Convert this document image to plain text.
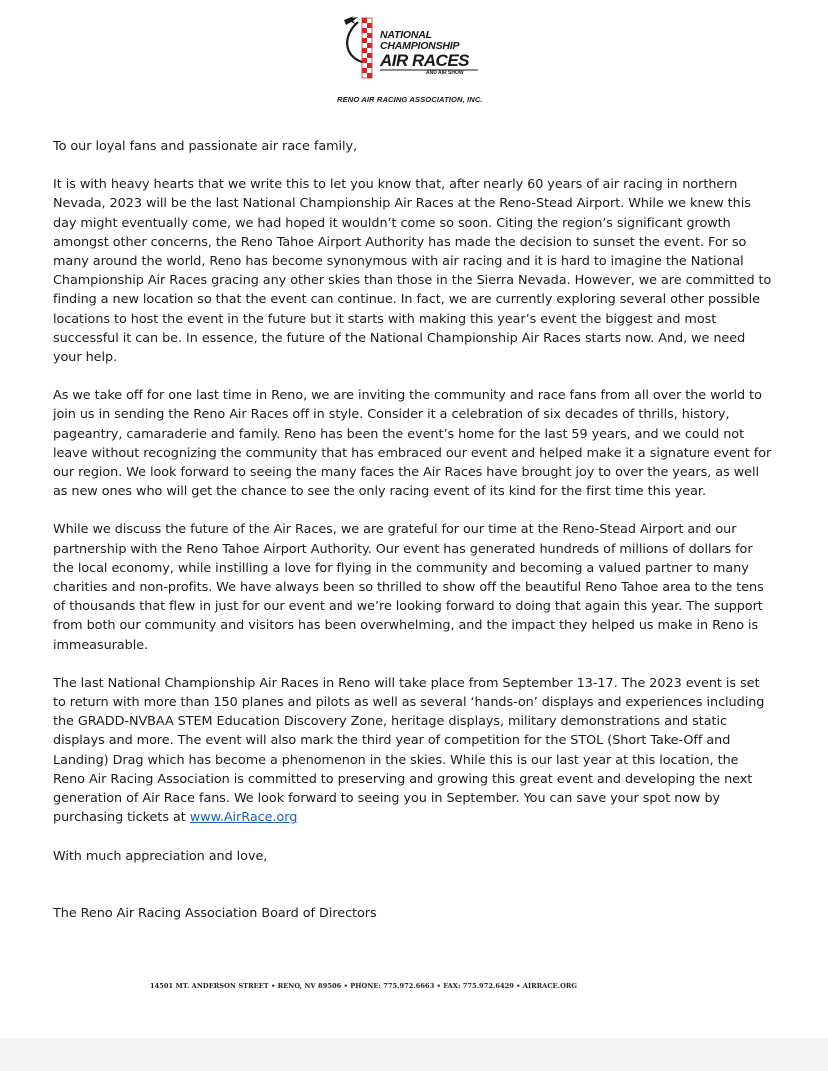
NATIONAL
CHAMPIONSHIP
AIR RACES
AND AIR SHOW
RENO AIR RACING ASSOCIATION, INC.

To our loyal fans and passionate air race family,

It is with heavy hearts that we write this to let you know that, after nearly 60 years of air racing in northern Nevada, 2023 will be the last National Championship Air Races at the Reno-Stead Airport. While we knew this day might eventually come, we had hoped it wouldn’t come so soon. Citing the region’s significant growth amongst other concerns, the Reno Tahoe Airport Authority has made the decision to sunset the event. For so many around the world, Reno has become synonymous with air racing and it is hard to imagine the National Championship Air Races gracing any other skies than those in the Sierra Nevada. However, we are committed to finding a new location so that the event can continue. In fact, we are currently exploring several other possible locations to host the event in the future but it starts with making this year’s event the biggest and most successful it can be. In essence, the future of the National Championship Air Races starts now. And, we need your help.

As we take off for one last time in Reno, we are inviting the community and race fans from all over the world to join us in sending the Reno Air Races off in style. Consider it a celebration of six decades of thrills, history, pageantry, camaraderie and family. Reno has been the event’s home for the last 59 years, and we could not leave without recognizing the community that has embraced our event and helped make it a signature event for our region. We look forward to seeing the many faces the Air Races have brought joy to over the years, as well as new ones who will get the chance to see the only racing event of its kind for the first time this year.

While we discuss the future of the Air Races, we are grateful for our time at the Reno-Stead Airport and our partnership with the Reno Tahoe Airport Authority. Our event has generated hundreds of millions of dollars for the local economy, while instilling a love for flying in the community and becoming a valued partner to many charities and non-profits. We have always been so thrilled to show off the beautiful Reno Tahoe area to the tens of thousands that flew in just for our event and we’re looking forward to doing that again this year. The support from both our community and visitors has been overwhelming, and the impact they helped us make in Reno is immeasurable.

The last National Championship Air Races in Reno will take place from September 13-17. The 2023 event is set to return with more than 150 planes and pilots as well as several ‘hands-on’ displays and experiences including the GRADD-NVBAA STEM Education Discovery Zone, heritage displays, military demonstrations and static displays and more. The event will also mark the third year of competition for the STOL (Short Take-Off and Landing) Drag which has become a phenomenon in the skies. While this is our last year at this location, the Reno Air Racing Association is committed to preserving and growing this great event and developing the next generation of Air Race fans. We look forward to seeing you in September. You can save your spot now by purchasing tickets at www.AirRace.org

With much appreciation and love,

The Reno Air Racing Association Board of Directors

14501 MT. ANDERSON STREET • RENO, NV 89506 • PHONE: 775.972.6663 • FAX: 775.972.6429 • AIRRACE.ORG
